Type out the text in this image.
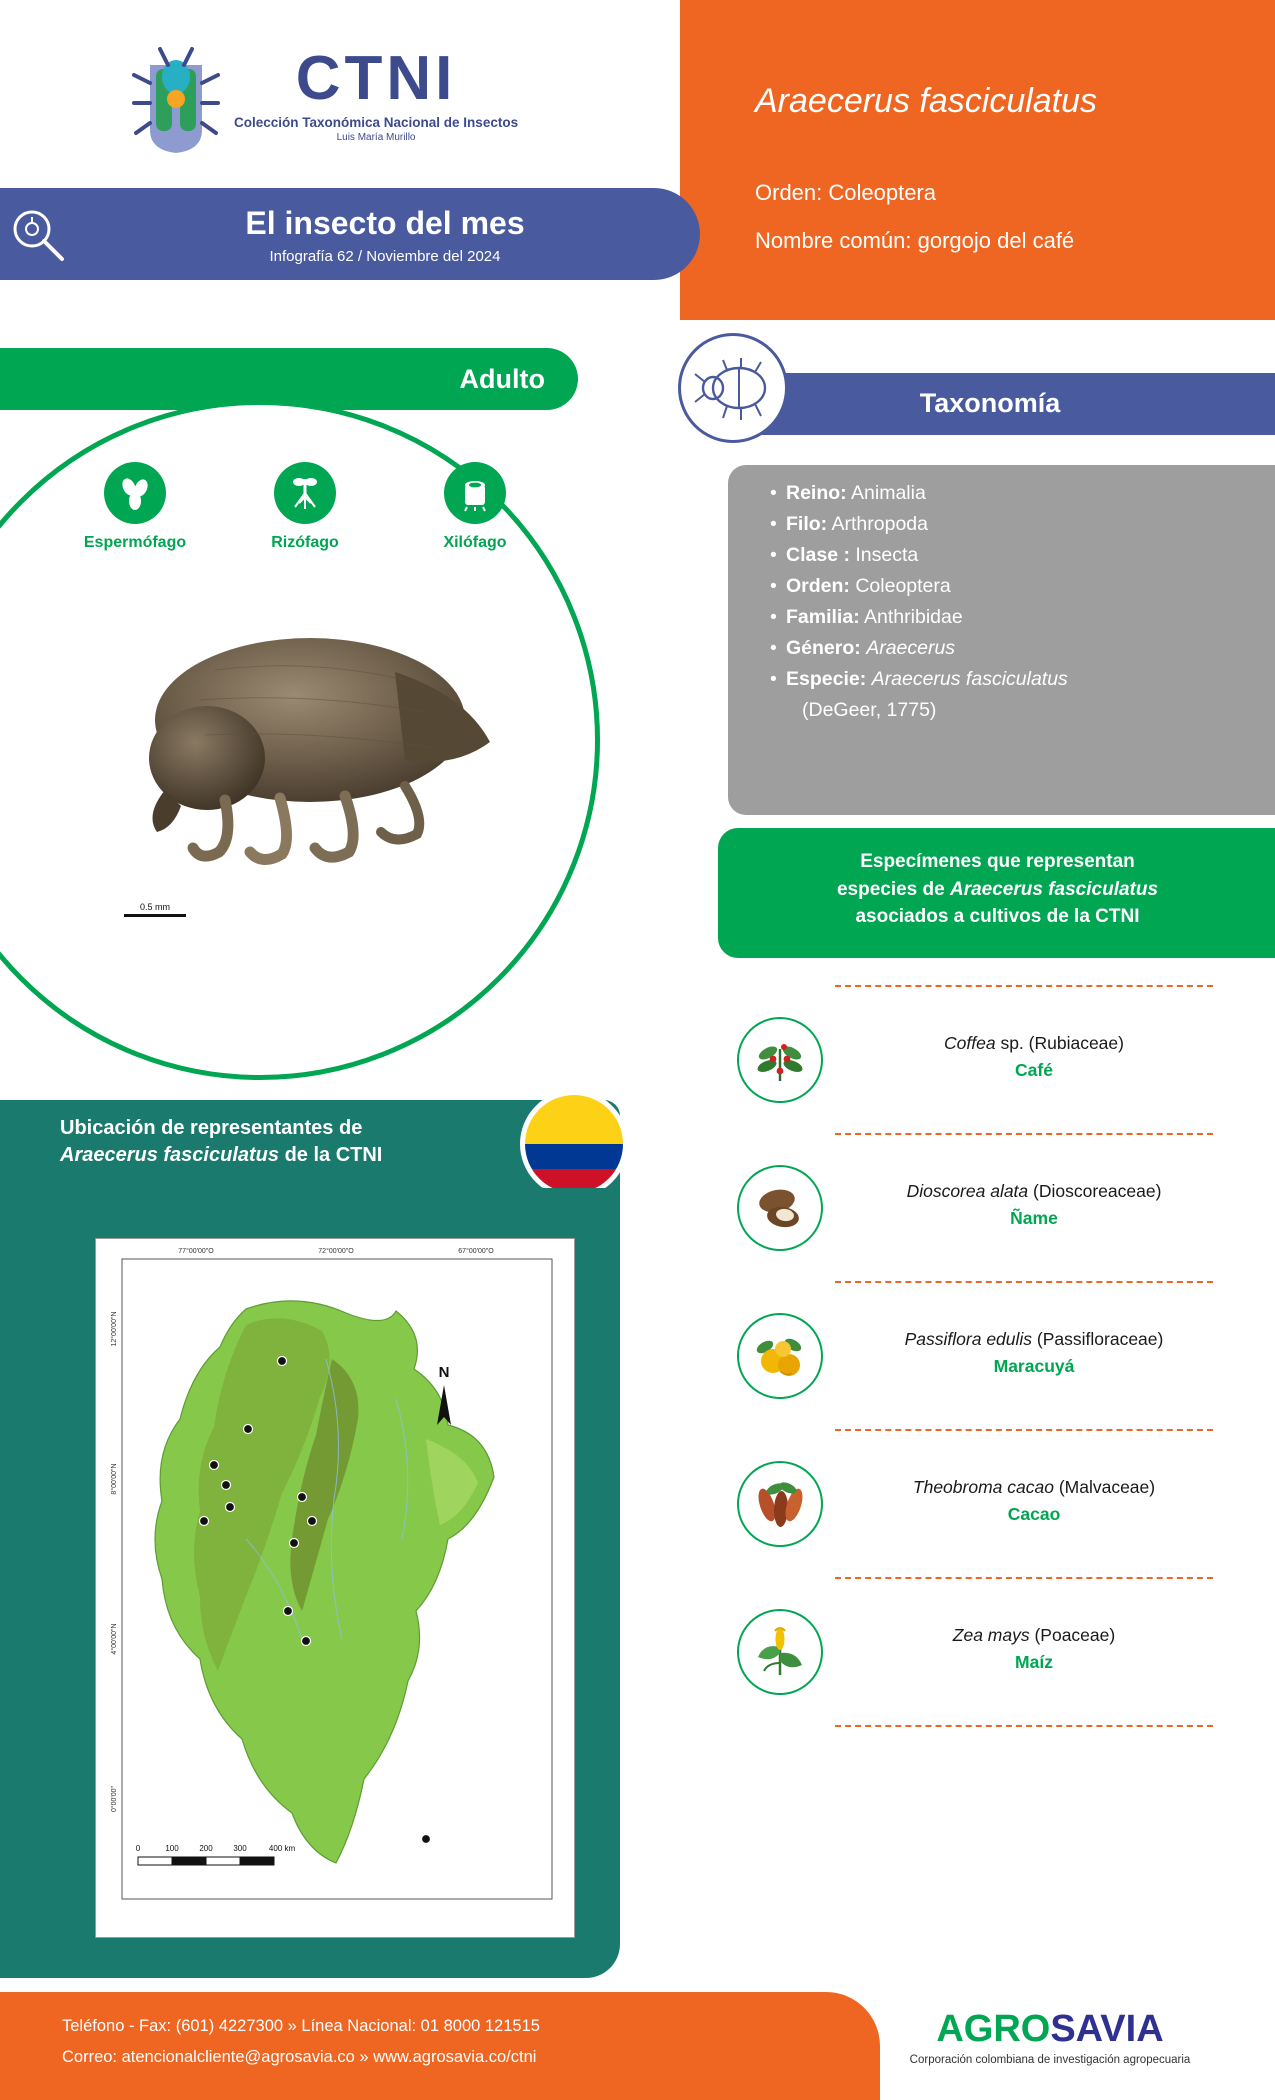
CTNI
Colección Taxonómica Nacional de Insectos
Luis María Murillo
Araecerus fasciculatus
Orden: Coleoptera
Nombre común: gorgojo del café
El insecto del mes
Infografía 62 / Noviembre del 2024
Adulto
Espermófago	Rizófago	Xilófago
0.5 mm
Taxonomía
• Reino: Animalia
• Filo: Arthropoda
• Clase : Insecta
• Orden: Coleoptera
• Familia: Anthribidae
• Género: Araecerus
• Especie: Araecerus fasciculatus
(DeGeer, 1775)
Especímenes que representan
especies de Araecerus fasciculatus
asociados a cultivos de la CTNI
Coffea sp. (Rubiaceae)
Café
Dioscorea alata (Dioscoreaceae)
Ñame
Passiflora edulis (Passifloraceae)
Maracuyá
Theobroma cacao (Malvaceae)
Cacao
Zea mays (Poaceae)
Maíz
Ubicación de representantes de
Araecerus fasciculatus de la CTNI
77°00'00"O	72°00'00"O	67°00'00"O
12°00'00"N
8°00'00"N
4°00'00"N
0°00'00"
N
0	100	200	300	400 km
Teléfono - Fax: (601) 4227300 » Línea Nacional: 01 8000 121515
Correo: atencionalcliente@agrosavia.co » www.agrosavia.co/ctni
AGROSAVIA
Corporación colombiana de investigación agropecuaria
